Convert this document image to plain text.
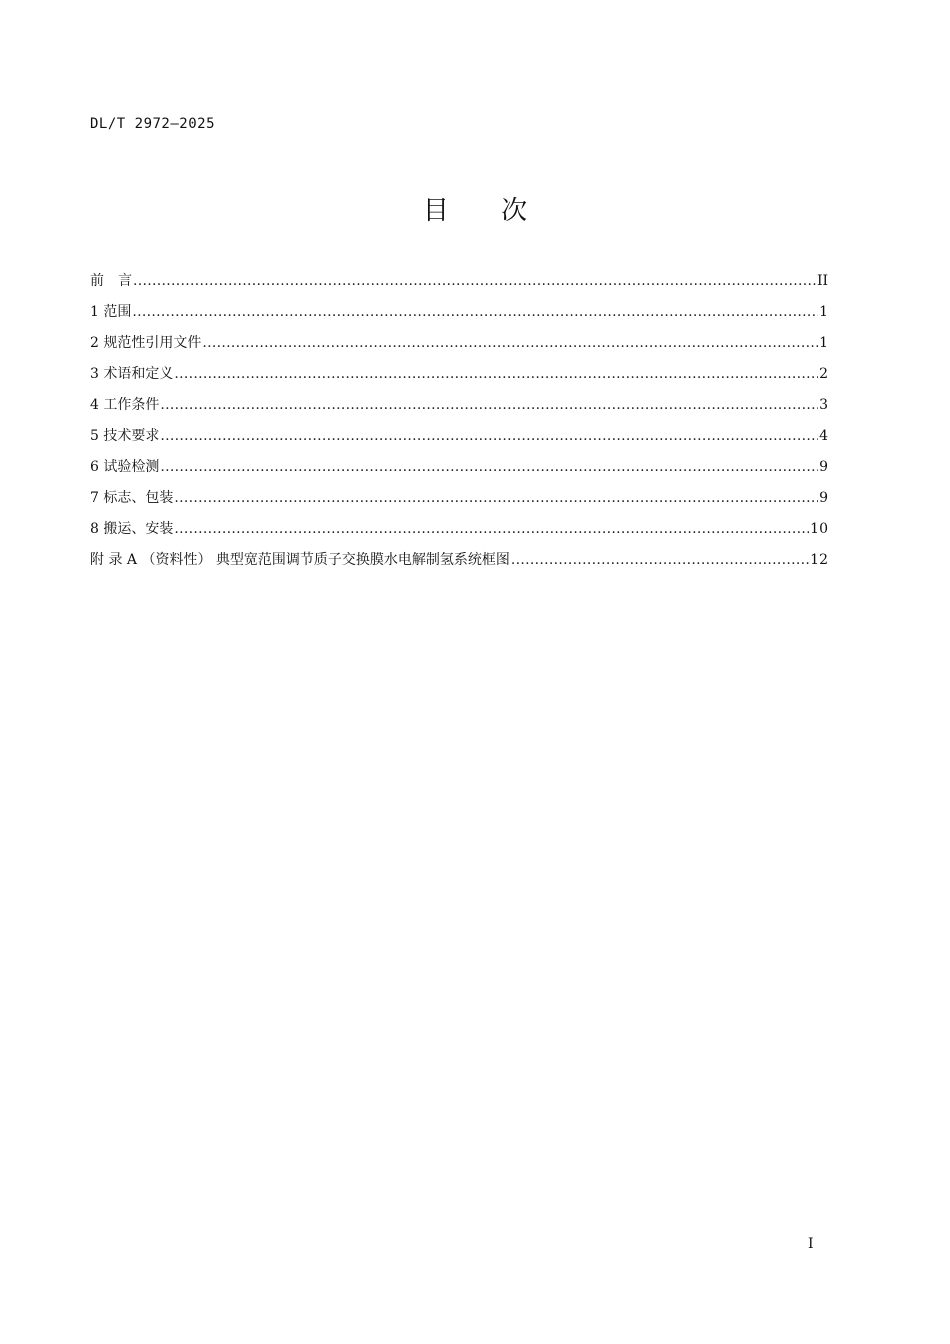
DL/T 2972—2025
目 次
前　言 .....	II
1 范围 .....	1
2 规范性引用文件 .....	1
3 术语和定义 .....	2
4 工作条件 .....	3
5 技术要求 .....	4
6 试验检测 .....	9
7 标志、包装 .....	9
8 搬运、安装 .....	10
附 录 A （资料性） 典型宽范围调节质子交换膜水电解制氢系统框图 .....	12
I
